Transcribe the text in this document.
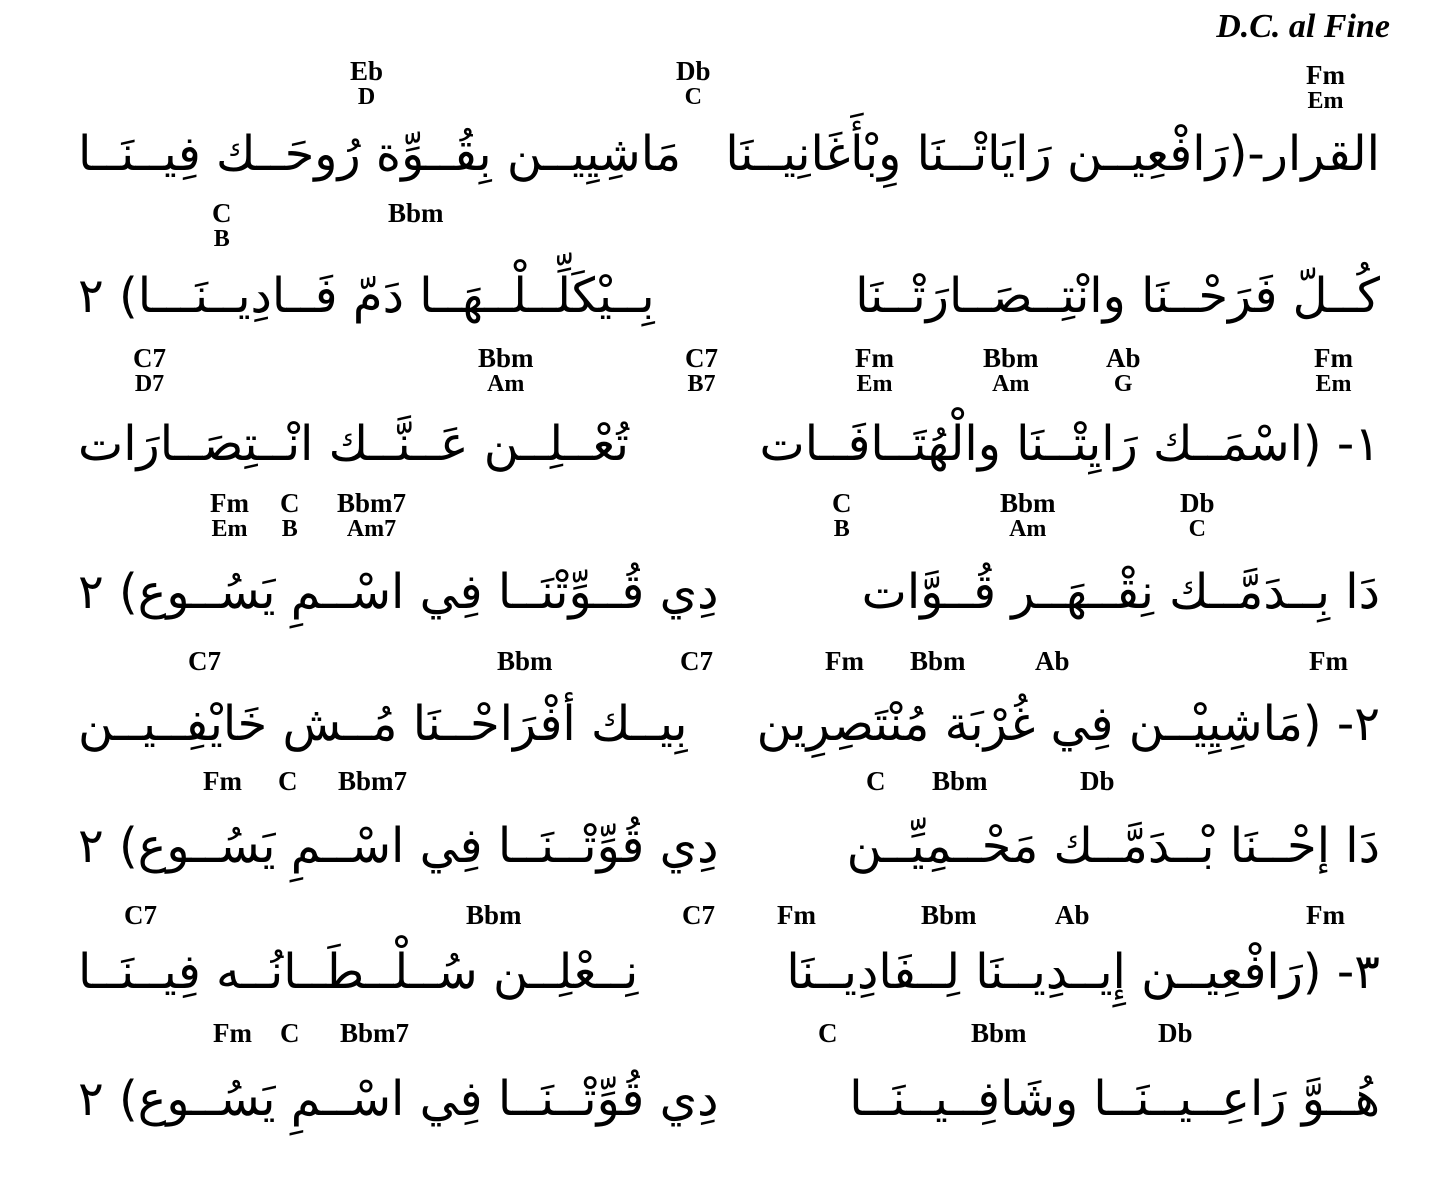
D.C. al Fine
Eb
D
Db
C
Fm
Em
القرار-(رَافْعِيــن رَايَاتْــنَا وِبْأَغَانِيــنَا
مَاشِيِيــن بِقُــوِّة رُوحَــك فِيــنَــا
C
B
Bbm
كُــلّ فَرَحْــنَا وانْتِــصَــارَتْــنَا
بِــيْكَلِّــلْــهَــا دَمّ فَــادِيــنَـــا) ٢
C7
D7
Bbm
Am
C7
B7
Fm
Em
Bbm
Am
Ab
G
Fm
Em
١- (اسْمَــك رَايِتْــنَا والْهُتَــافَــات
تُعْــلِــن عَــنَّــك انْــتِصَــارَات
Fm
Em
C
B
Bbm7
Am7
C
B
Bbm
Am
Db
C
دَا بِــدَمَّــك نِقْــهَــر قُــوَّات
دِي قُــوِّتْنَــا فِي اسْــمِ يَسُــوع) ٢
C7	Bbm	C7	Fm Bbm	Ab	Fm
٢- (مَاشِيِيْــن فِي غُرْبَة مُنْتَصِرِين
بِيــك أفْرَاحْــنَا مُــش خَايْفِــيــن
Fm C Bbm7	C Bbm	Db
دَا إحْــنَا بْــدَمَّــك مَحْــمِيِّــن
دِي قُوِّتْــنَــا فِي اسْــمِ يَسُــوع) ٢
C7	Bbm	C7 Fm	Bbm	Ab	Fm
٣- (رَافْعِيــن إِيــدِيــنَا لِــفَادِيــنَا
نِــعْلِــن سُــلْــطَــانُــه فِيــنَــا
Fm C Bbm7	C	Bbm	Db
هُــوَّ رَاعِــيــنَــا وشَافِــيــنَــا
دِي قُوِّتْــنَــا فِي اسْــمِ يَسُــوع) ٢
